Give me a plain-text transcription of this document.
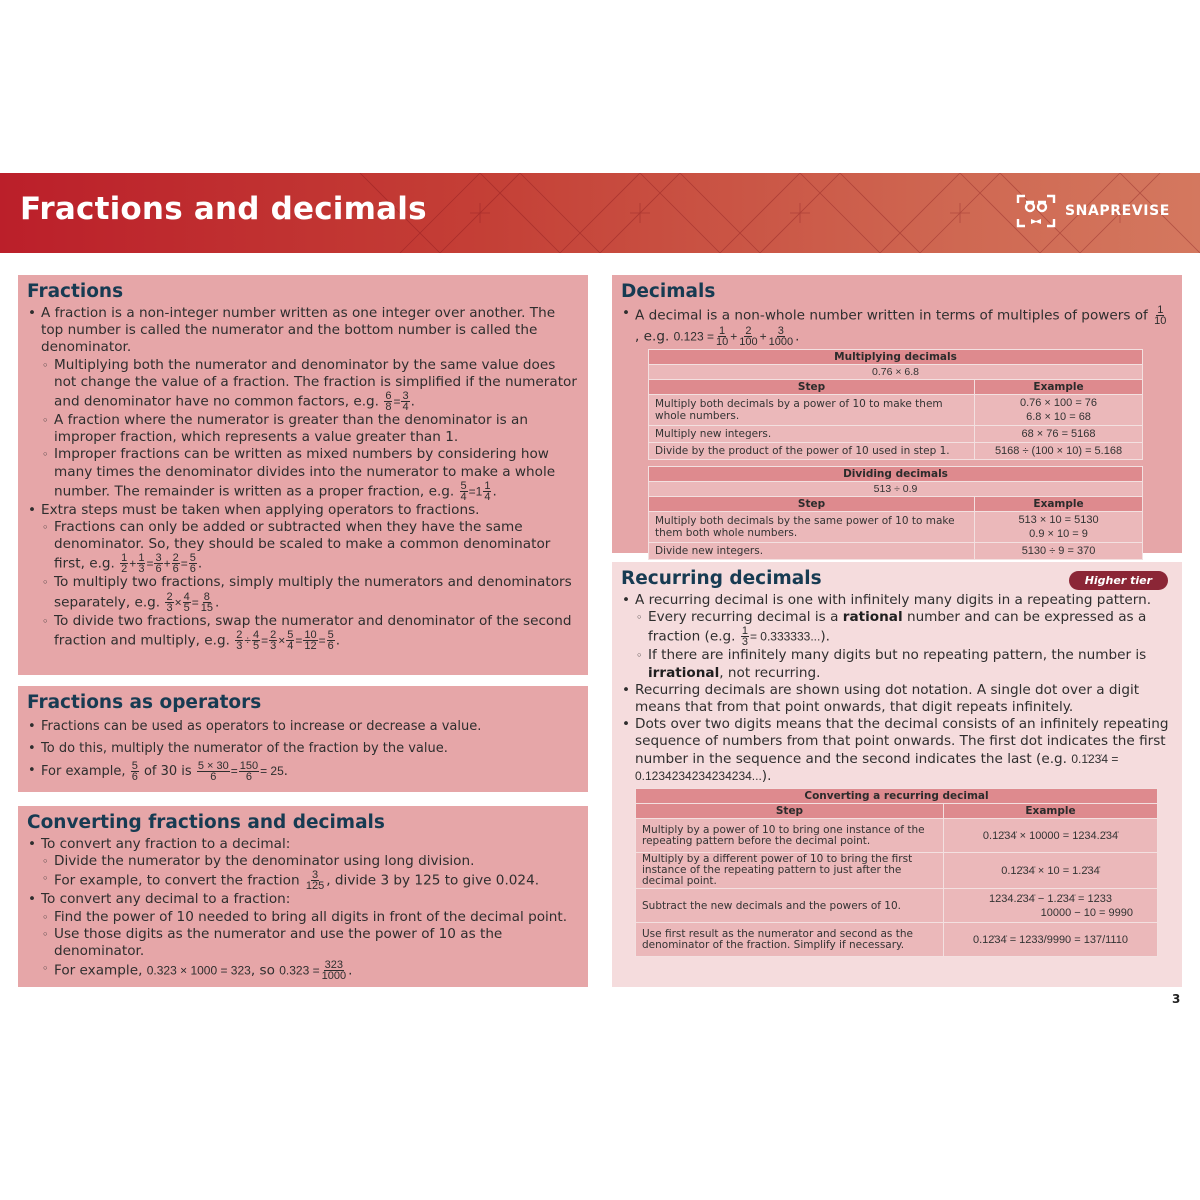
Fractions and decimals	SNAPREVISE
Fractions
• A fraction is a non-integer number written as one integer over another. The top number is called the numerator and the bottom number is called the denominator.
◦ Multiplying both the numerator and denominator by the same value does not change the value of a fraction. The fraction is simplified if the numerator and denominator have no common factors, e.g. $\frac{6}{8} = \frac{3}{4}$ .
◦ A fraction where the numerator is greater than the denominator is an improper fraction, which represents a value greater than 1.
◦ Improper fractions can be written as mixed numbers by considering how many times the denominator divides into the numerator to make a whole number. The remainder is written as a proper fraction, e.g. $\frac{5}{4} =1 \frac{1}{4}$ .
• Extra steps must be taken when applying operators to fractions.
◦ Fractions can only be added or subtracted when they have the same denominator. So, they should be scaled to make a common denominator first, e.g. $\frac{1}{2} + \frac{1}{3} = \frac{3}{6} + \frac{2}{6} = \frac{5}{6}$ .
◦ To multiply two fractions, simply multiply the numerators and denominators separately, e.g. $\frac{2}{3} \times \frac{4}{5} = \frac{8}{15}$ .
◦ To divide two fractions, swap the numerator and denominator of the second fraction and multiply, e.g. $\frac{2}{3} \div \frac{4}{5} = \frac{2}{3} \times \frac{5}{4} = \frac{10}{12} = \frac{5}{6}$ .
Fractions as operators
• Fractions can be used as operators to increase or decrease a value.
• To do this, multiply the numerator of the fraction by the value.
• For example, $\frac{5}{6}$ of 30 is $\frac{5 \times 30}{6} = \frac{150}{6} = 25$.
Converting fractions and decimals
• To convert any fraction to a decimal:
◦ Divide the numerator by the denominator using long division.
◦ For example, to convert the fraction $\frac{3}{125}$ , divide 3 by 125 to give 0.024.
• To convert any decimal to a fraction:
◦ Find the power of 10 needed to bring all digits in front of the decimal point.
◦ Use those digits as the numerator and use the power of 10 as the denominator.
◦ For example, 0.323 × 1000 = 323, so $0.323 = \frac{323}{1000}$ .
Decimals
• A decimal is a non-whole number written in terms of multiples of powers of $\frac{1}{10}$
, e.g. $0.123 = \frac{1}{10} + \frac{2}{100} + \frac{3}{1000}$ .
Multiplying decimals	
0.76 × 6.8	
Step	Example
Multiply both decimals by a power of 10 to make them whole numbers.	0.76 × 100 = 76
6.8 × 10 = 68

Multiply new integers.	68 × 76 = 5168
Divide by the product of the power of 10 used in step 1.	5168 ÷ (100 × 10) = 5.168
Dividing decimals	
513 ÷ 0.9	
Step	Example
Multiply both decimals by the same power of 10 to make them both whole numbers.	513 × 10 = 5130
0.9 × 10 = 9

Divide new integers.	5130 ÷ 9 = 370
Recurring decimals	Higher tier
• A recurring decimal is one with infinitely many digits in a repeating pattern.
◦ Every recurring decimal is a rational number and can be expressed as a fraction (e.g. $\frac{1}{3} = 0.333333$...).
◦ If there are infinitely many digits but no repeating pattern, the number is irrational, not recurring.
• Recurring decimals are shown using dot notation. A single dot over a digit means that from that point onwards, that digit repeats infinitely.
• Dots over two digits means that the decimal consists of an infinitely repeating sequence of numbers from that point onwards. The first dot indicates the first number in the sequence and the second indicates the last (e.g. 0.1̇23̇4 = 0.1234234234234234...).
Converting a recurring decimal	
Step	Example
Multiply by a power of 10 to bring one instance of the repeating pattern before the decimal point.	0.12̇34̇ × 10000 = 1234.2̇34̇
Multiply by a different power of 10 to bring the first instance of the repeating pattern to just after the decimal point.	0.12̇34̇ × 10 = 1.2̇34̇
Subtract the new decimals and the powers of 10.	1234.2̇34̇ − 1.2̇34̇ = 1233
10000 − 10 = 9990

Use first result as the numerator and second as the denominator of the fraction. Simplify if necessary.	0.12̇34̇ = 1233/9990 = 137/1110
3
